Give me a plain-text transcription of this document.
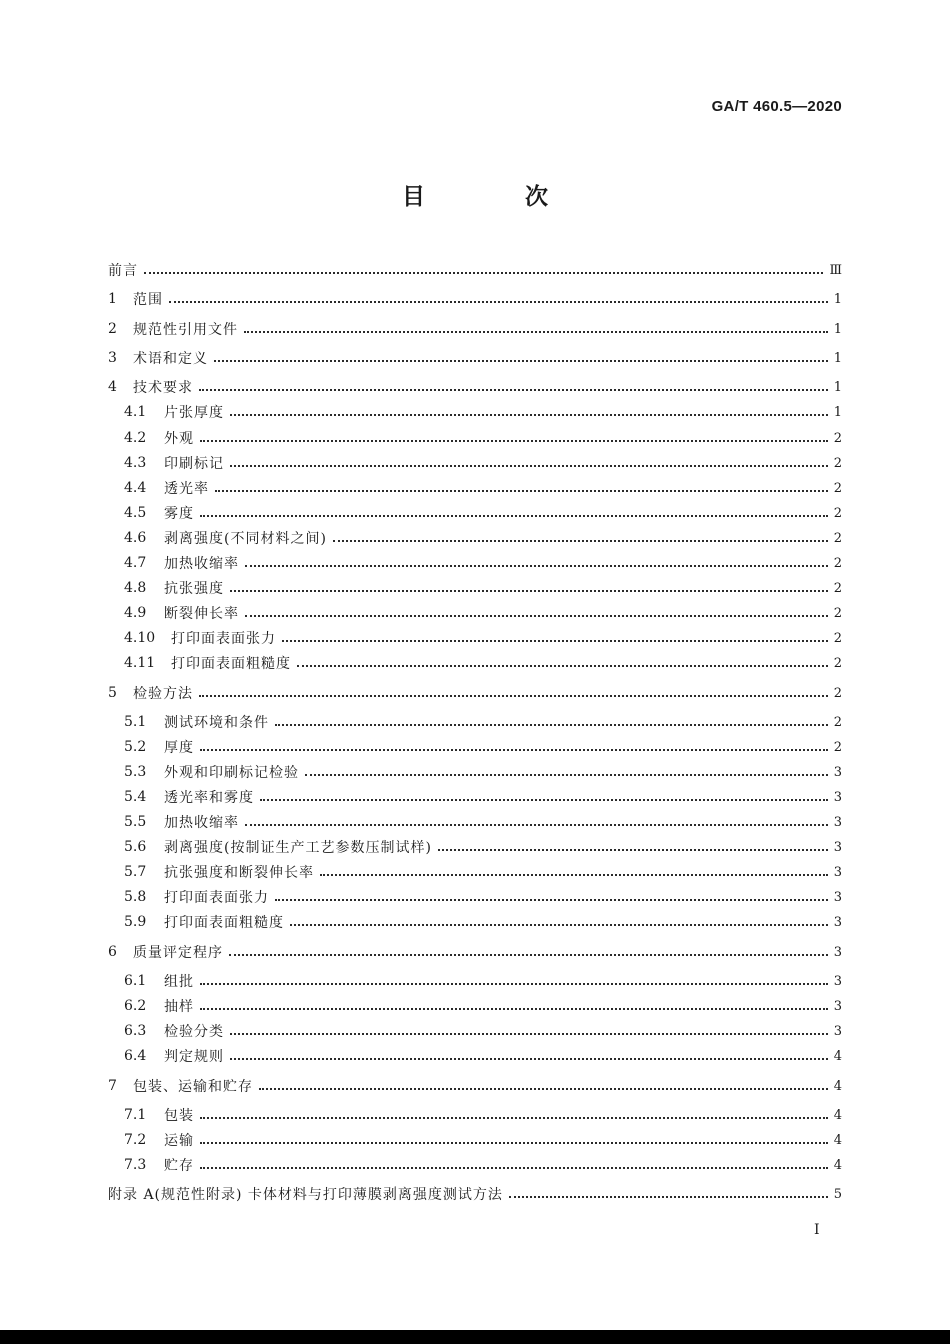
GA/T 460.5—2020
目 次
前言	Ⅲ
1	范围	1
2	规范性引用文件	1
3	术语和定义	1
4	技术要求	1
4.1	片张厚度	1
4.2	外观	2
4.3	印刷标记	2
4.4	透光率	2
4.5	雾度	2
4.6	剥离强度(不同材料之间)	2
4.7	加热收缩率	2
4.8	抗张强度	2
4.9	断裂伸长率	2
4.10	打印面表面张力	2
4.11	打印面表面粗糙度	2
5	检验方法	2
5.1	测试环境和条件	2
5.2	厚度	2
5.3	外观和印刷标记检验	3
5.4	透光率和雾度	3
5.5	加热收缩率	3
5.6	剥离强度(按制证生产工艺参数压制试样)	3
5.7	抗张强度和断裂伸长率	3
5.8	打印面表面张力	3
5.9	打印面表面粗糙度	3
6	质量评定程序	3
6.1	组批	3
6.2	抽样	3
6.3	检验分类	3
6.4	判定规则	4
7	包装、运输和贮存	4
7.1	包装	4
7.2	运输	4
7.3	贮存	4
附录 A(规范性附录) 卡体材料与打印薄膜剥离强度测试方法	5
I
